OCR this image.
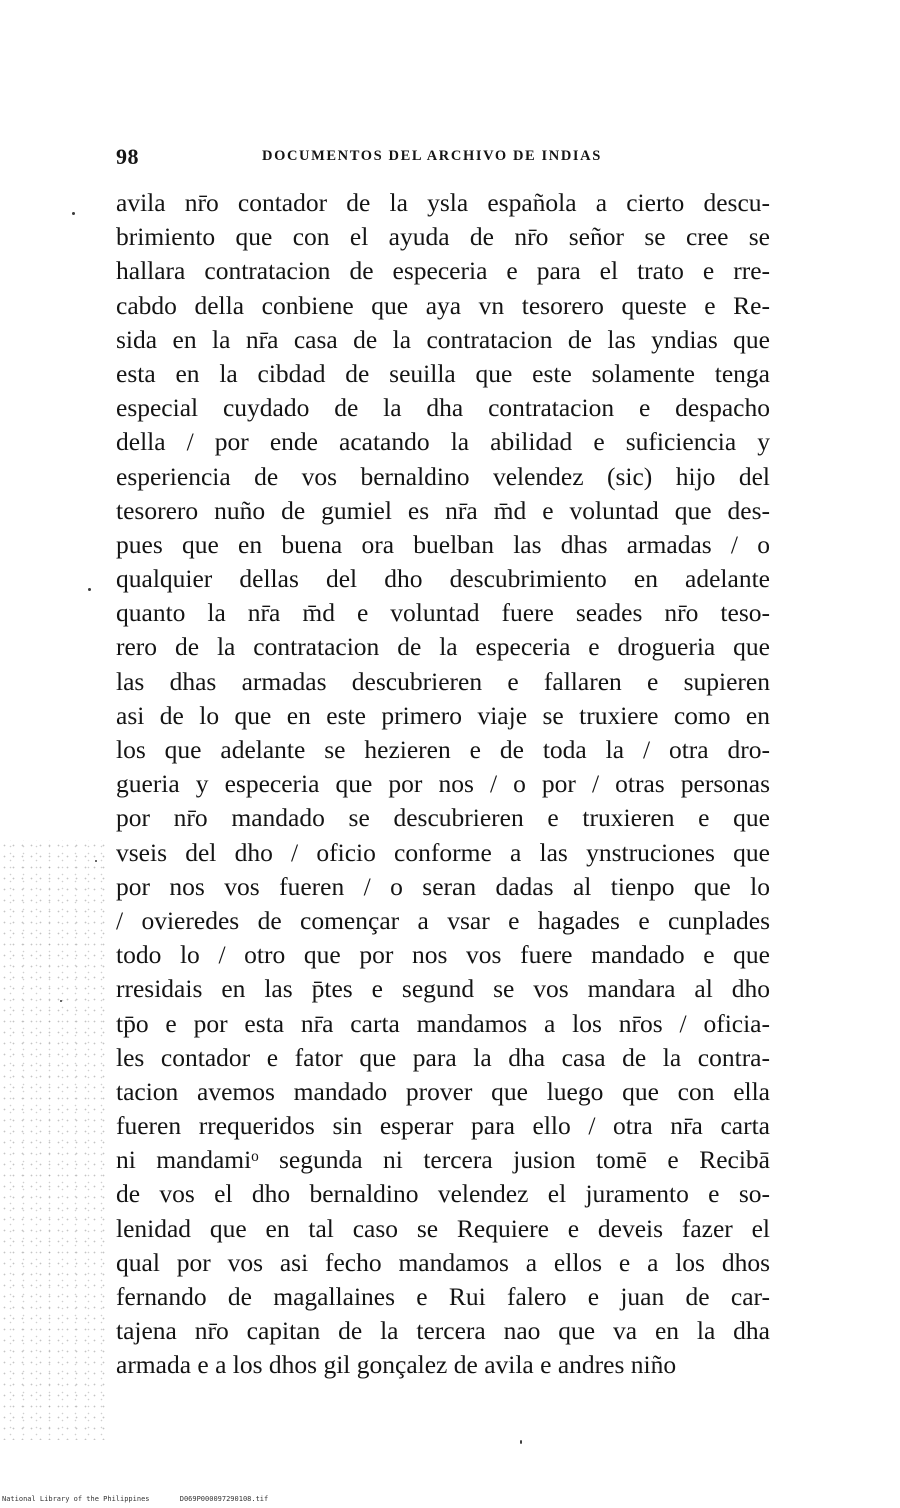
98	DOCUMENTOS DEL ARCHIVO DE INDIAS
avila nr̄o contador de la ysla española a cierto descu-
brimiento que con el ayuda de nr̄o señor se cree se
hallara contratacion de especeria e para el trato e rre-
cabdo della conbiene que aya vn tesorero queste e Re-
sida en la nr̄a casa de la contratacion de las yndias que
esta en la cibdad de seuilla que este solamente tenga
especial cuydado de la dha contratacion e despacho
della / por ende acatando la abilidad e suficiencia y
esperiencia de vos bernaldino velendez (sic) hijo del
tesorero nuño de gumiel es nr̄a m̄d e voluntad que des-
pues que en buena ora buelban las dhas armadas / o
qualquier dellas del dho descubrimiento en adelante
quanto la nr̄a m̄d e voluntad fuere seades nr̄o teso-
rero de la contratacion de la especeria e drogueria que
las dhas armadas descubrieren e fallaren e supieren
asi de lo que en este primero viaje se truxiere como en
los que adelante se hezieren e de toda la / otra dro-
gueria y especeria que por nos / o por / otras personas
por nr̄o mandado se descubrieren e truxieren e que
vseis del dho / oficio conforme a las ynstruciones que
por nos vos fueren / o seran dadas al tienpo que lo
/ ovieredes de començar a vsar e hagades e cunplades
todo lo / otro que por nos vos fuere mandado e que
rresidais en las p̄tes e segund se vos mandara al dho
tp̄o e por esta nr̄a carta mandamos a los nr̄os / oficia-
les contador e fator que para la dha casa de la contra-
tacion avemos mandado prover que luego que con ella
fueren rrequeridos sin esperar para ello / otra nr̄a carta
ni mandamiᵒ segunda ni tercera jusion tomē e Recibā
de vos el dho bernaldino velendez el juramento e so-
lenidad que en tal caso se Requiere e deveis fazer el
qual por vos asi fecho mandamos a ellos e a los dhos
fernando de magallaines e Rui falero e juan de car-
tajena nr̄o capitan de la tercera nao que va en la dha
armada e a los dhos gil gonçalez de avila e andres niño
National Library of the Philippines	D069P000097290108.tif
